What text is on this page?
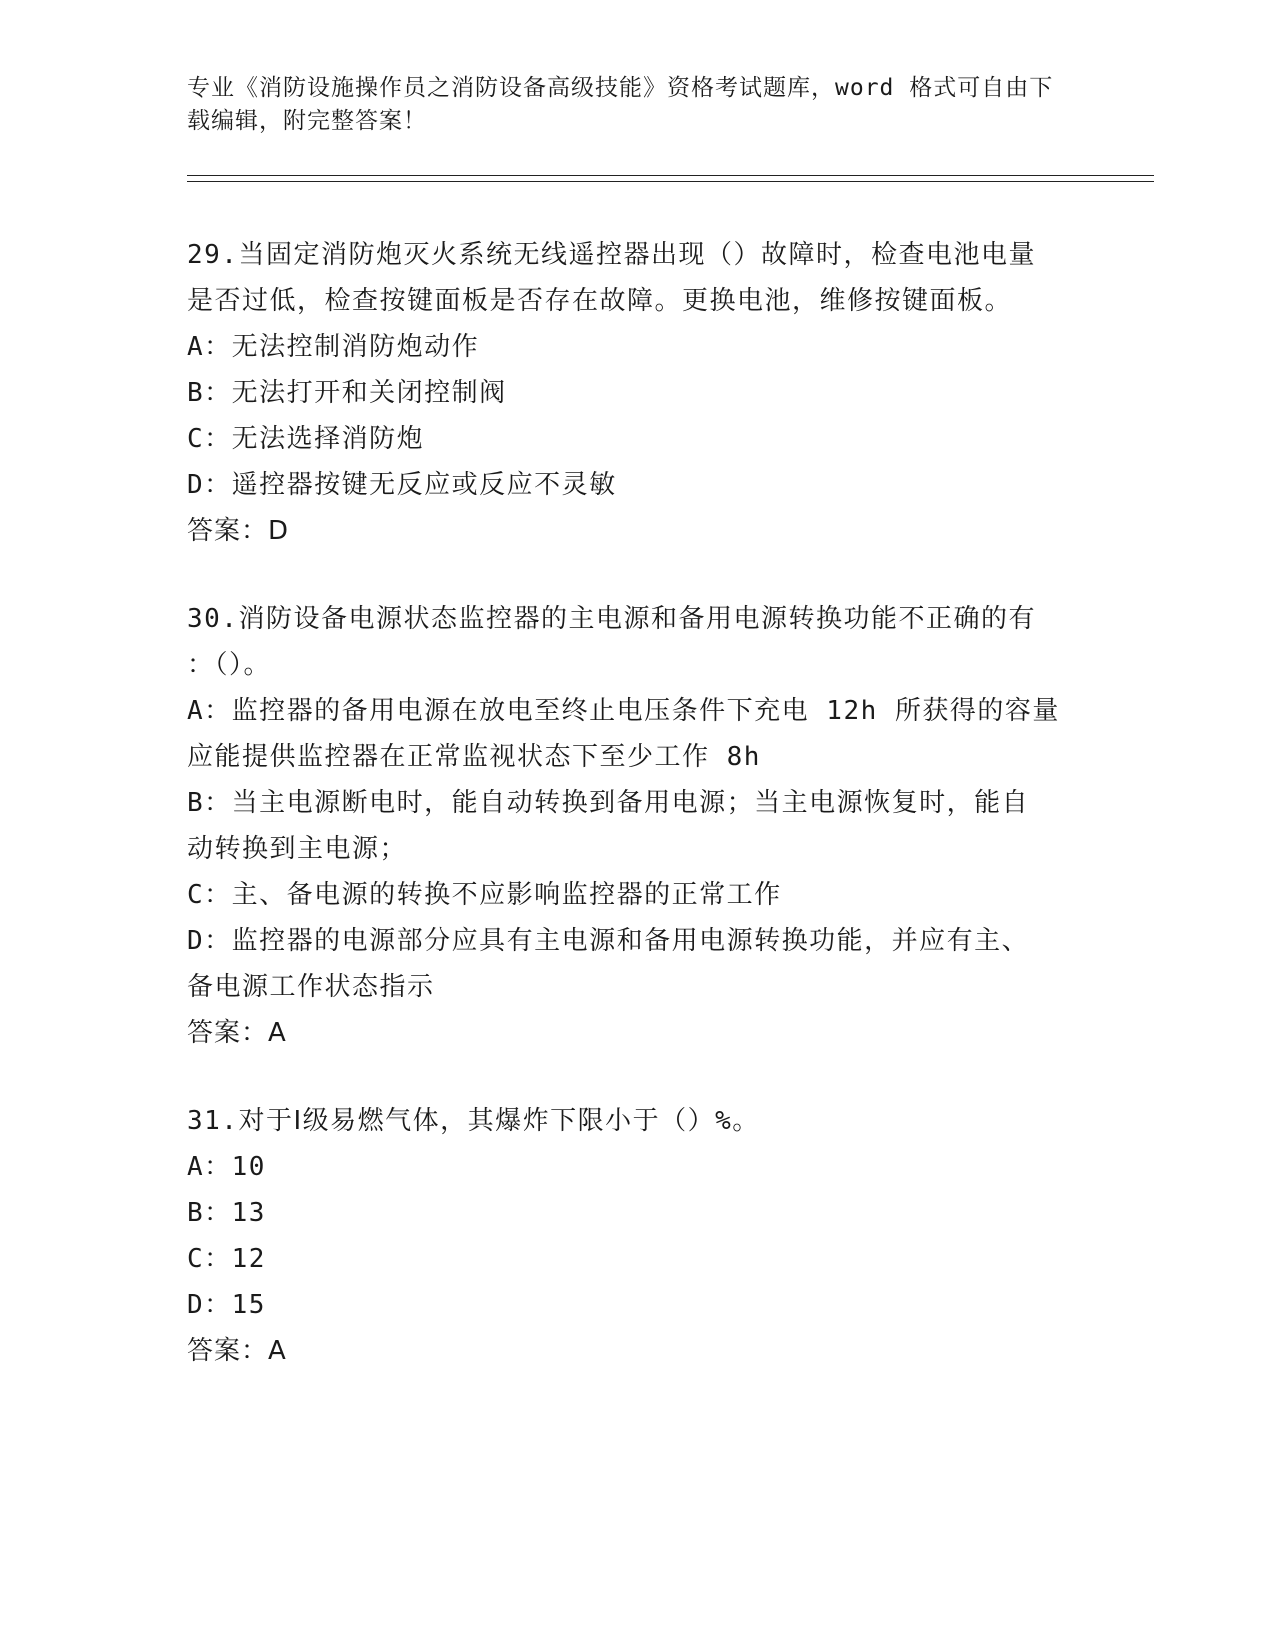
专业《消防设施操作员之消防设备高级技能》资格考试题库，word 格式可自由下
载编辑，附完整答案！
29.当固定消防炮灭火系统无线遥控器出现（）故障时，检查电池电量
是否过低，检查按键面板是否存在故障。更换电池，维修按键面板。
A：无法控制消防炮动作
B：无法打开和关闭控制阀
C：无法选择消防炮
D：遥控器按键无反应或反应不灵敏
答案：D
30.消防设备电源状态监控器的主电源和备用电源转换功能不正确的有
：（）。
A：监控器的备用电源在放电至终止电压条件下充电 12h 所获得的容量
应能提供监控器在正常监视状态下至少工作 8h
B：当主电源断电时，能自动转换到备用电源；当主电源恢复时，能自
动转换到主电源；
C：主、备电源的转换不应影响监控器的正常工作
D：监控器的电源部分应具有主电源和备用电源转换功能，并应有主、
备电源工作状态指示
答案：A
31.对于Ⅰ级易燃气体，其爆炸下限小于（）%。
A：10
B：13
C：12
D：15
答案：A
